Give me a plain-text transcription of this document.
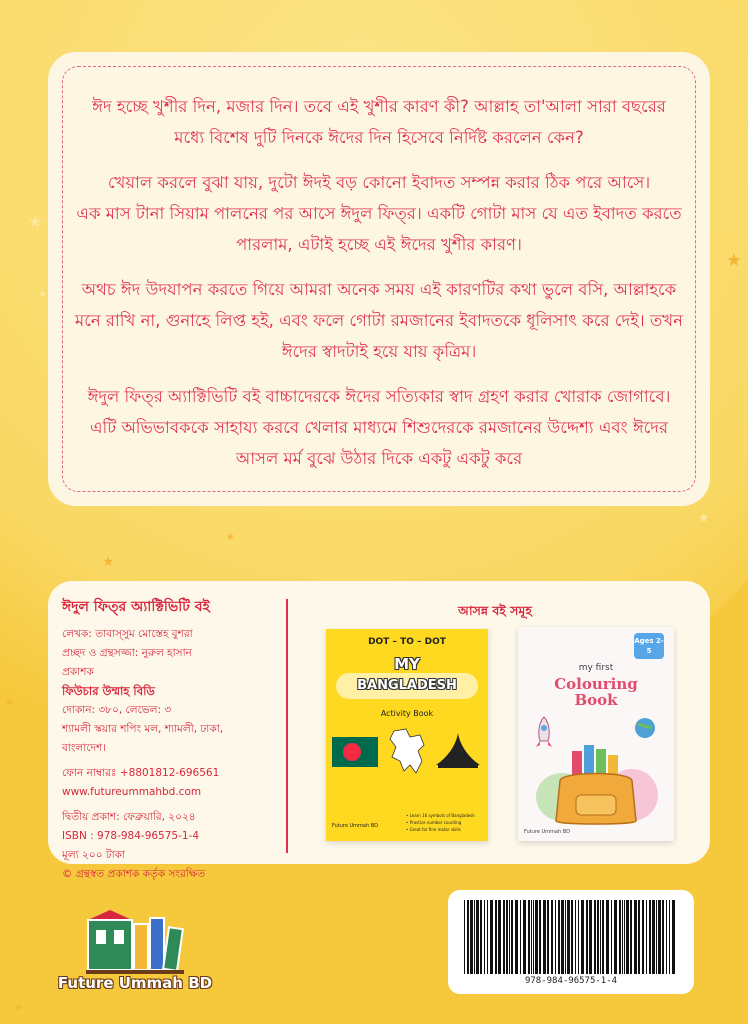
★
★
★
★
★
★
★
★

ঈদ হচ্ছে খুশীর দিন, মজার দিন। তবে এই খুশীর কারণ কী? আল্লাহ তা'আলা সারা বছরের মধ্যে বিশেষ দুটি দিনকে ঈদের দিন হিসেবে নির্দিষ্ট করলেন কেন?

খেয়াল করলে বুঝা যায়, দুটো ঈদই বড় কোনো ইবাদত সম্পন্ন করার ঠিক পরে আসে।
এক মাস টানা সিয়াম পালনের পর আসে ঈদুল ফিত্‌র। একটি গোটা মাস যে এত ইবাদত করতে পারলাম, এটাই হচ্ছে এই ঈদের খুশীর কারণ।

অথচ ঈদ উদযাপন করতে গিয়ে আমরা অনেক সময় এই কারণটির কথা ভুলে বসি, আল্লাহকে মনে রাখি না, গুনাহে লিপ্ত হই, এবং ফলে গোটা রমজানের ইবাদতকে ধূলিসাৎ করে দেই। তখন ঈদের স্বাদটাই হয়ে যায় কৃত্রিম।

ঈদুল ফিত্‌র অ্যাক্টিভিটি বই বাচ্চাদেরকে ঈদের সত্যিকার স্বাদ গ্রহণ করার খোরাক জোগাবে। এটি অভিভাবককে সাহায্য করবে খেলার মাধ্যমে শিশুদেরকে রমজানের উদ্দেশ্য এবং ঈদের আসল মর্ম বুঝে উঠার দিকে একটু একটু করে

ঈদুল ফিত্‌র অ্যাক্টিভিটি বই
লেখক: তাবাস্সুম মোস্তেহ বুশরা
প্রচ্ছদ ও গ্রন্থসজ্জা: নুরুল হাসান
প্রকাশক
ফিউচার উম্মাহ বিডি
দোকান: ৩৮০, লেভেল: ৩
শ্যামলী স্কয়ার শপিং মল, শ্যামলী, ঢাকা,
বাংলাদেশ।
ফোন নাম্বারঃ +8801812-696561
www.futureummahbd.com
দ্বিতীয় প্রকাশ: ফেব্রুয়ারি, ২০২৪
ISBN : 978-984-96575-1-4
মূল্য ২০০ টাকা
© গ্রন্থস্বত প্রকাশক কর্তৃক সংরক্ষিত
আসন্ন বই সমূহ
DOT – TO – DOT
MY
BANGLADESH
Activity Book
Future Ummah BD
• Learn 16 symbols of Bangladesh
• Practice number counting
• Great for fine motor skills
Ages 2-5
my first
Colouring
Book
Future Ummah BD
Future Ummah BD	978-984-96575-1-4
